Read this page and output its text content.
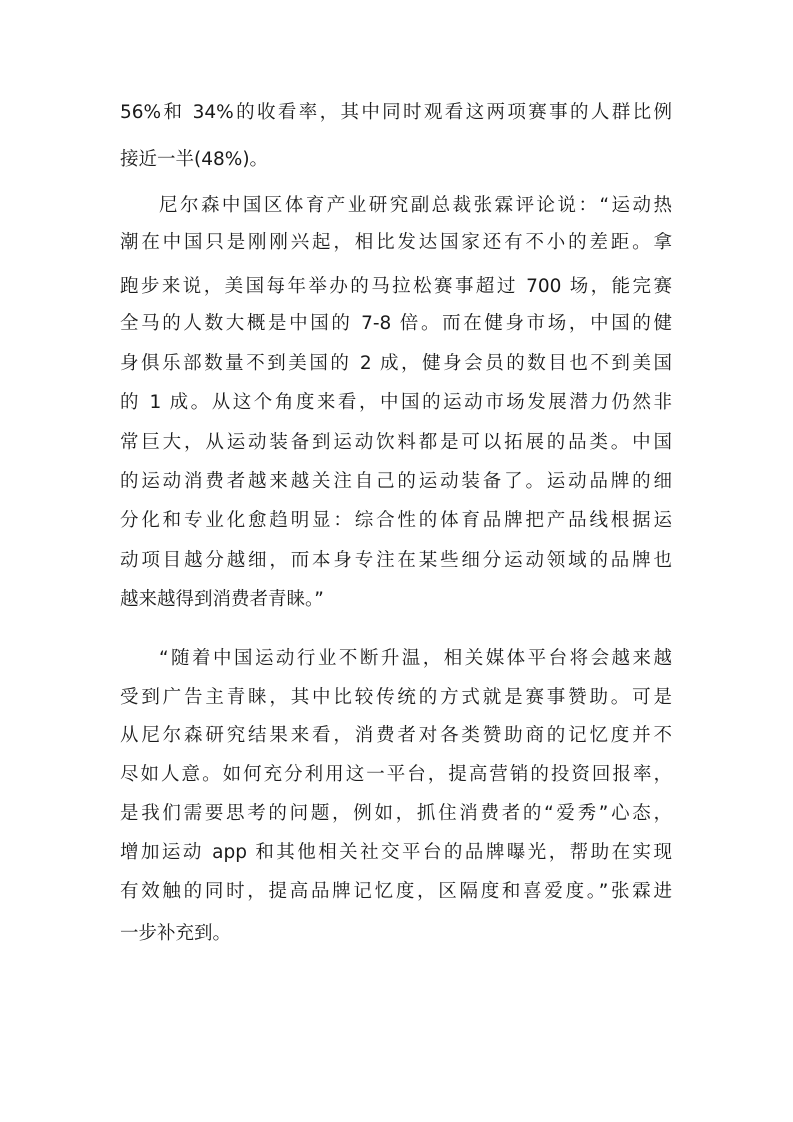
56%和 34%的收看率，其中同时观看这两项赛事的人群比例
接近一半(48%)。
尼尔森中国区体育产业研究副总裁张霖评论说：“运动热
潮在中国只是刚刚兴起，相比发达国家还有不小的差距。拿
跑步来说，美国每年举办的马拉松赛事超过 700 场，能完赛
全马的人数大概是中国的 7-8 倍。而在健身市场，中国的健
身俱乐部数量不到美国的 2 成，健身会员的数目也不到美国
的 1 成。从这个角度来看，中国的运动市场发展潜力仍然非
常巨大，从运动装备到运动饮料都是可以拓展的品类。中国
的运动消费者越来越关注自己的运动装备了。运动品牌的细
分化和专业化愈趋明显：综合性的体育品牌把产品线根据运
动项目越分越细，而本身专注在某些细分运动领域的品牌也
越来越得到消费者青睐。”
“随着中国运动行业不断升温，相关媒体平台将会越来越
受到广告主青睐，其中比较传统的方式就是赛事赞助。可是
从尼尔森研究结果来看，消费者对各类赞助商的记忆度并不
尽如人意。如何充分利用这一平台，提高营销的投资回报率，
是我们需要思考的问题，例如，抓住消费者的“爱秀”心态，
增加运动 app 和其他相关社交平台的品牌曝光，帮助在实现
有效触的同时，提高品牌记忆度，区隔度和喜爱度。”张霖进
一步补充到。
